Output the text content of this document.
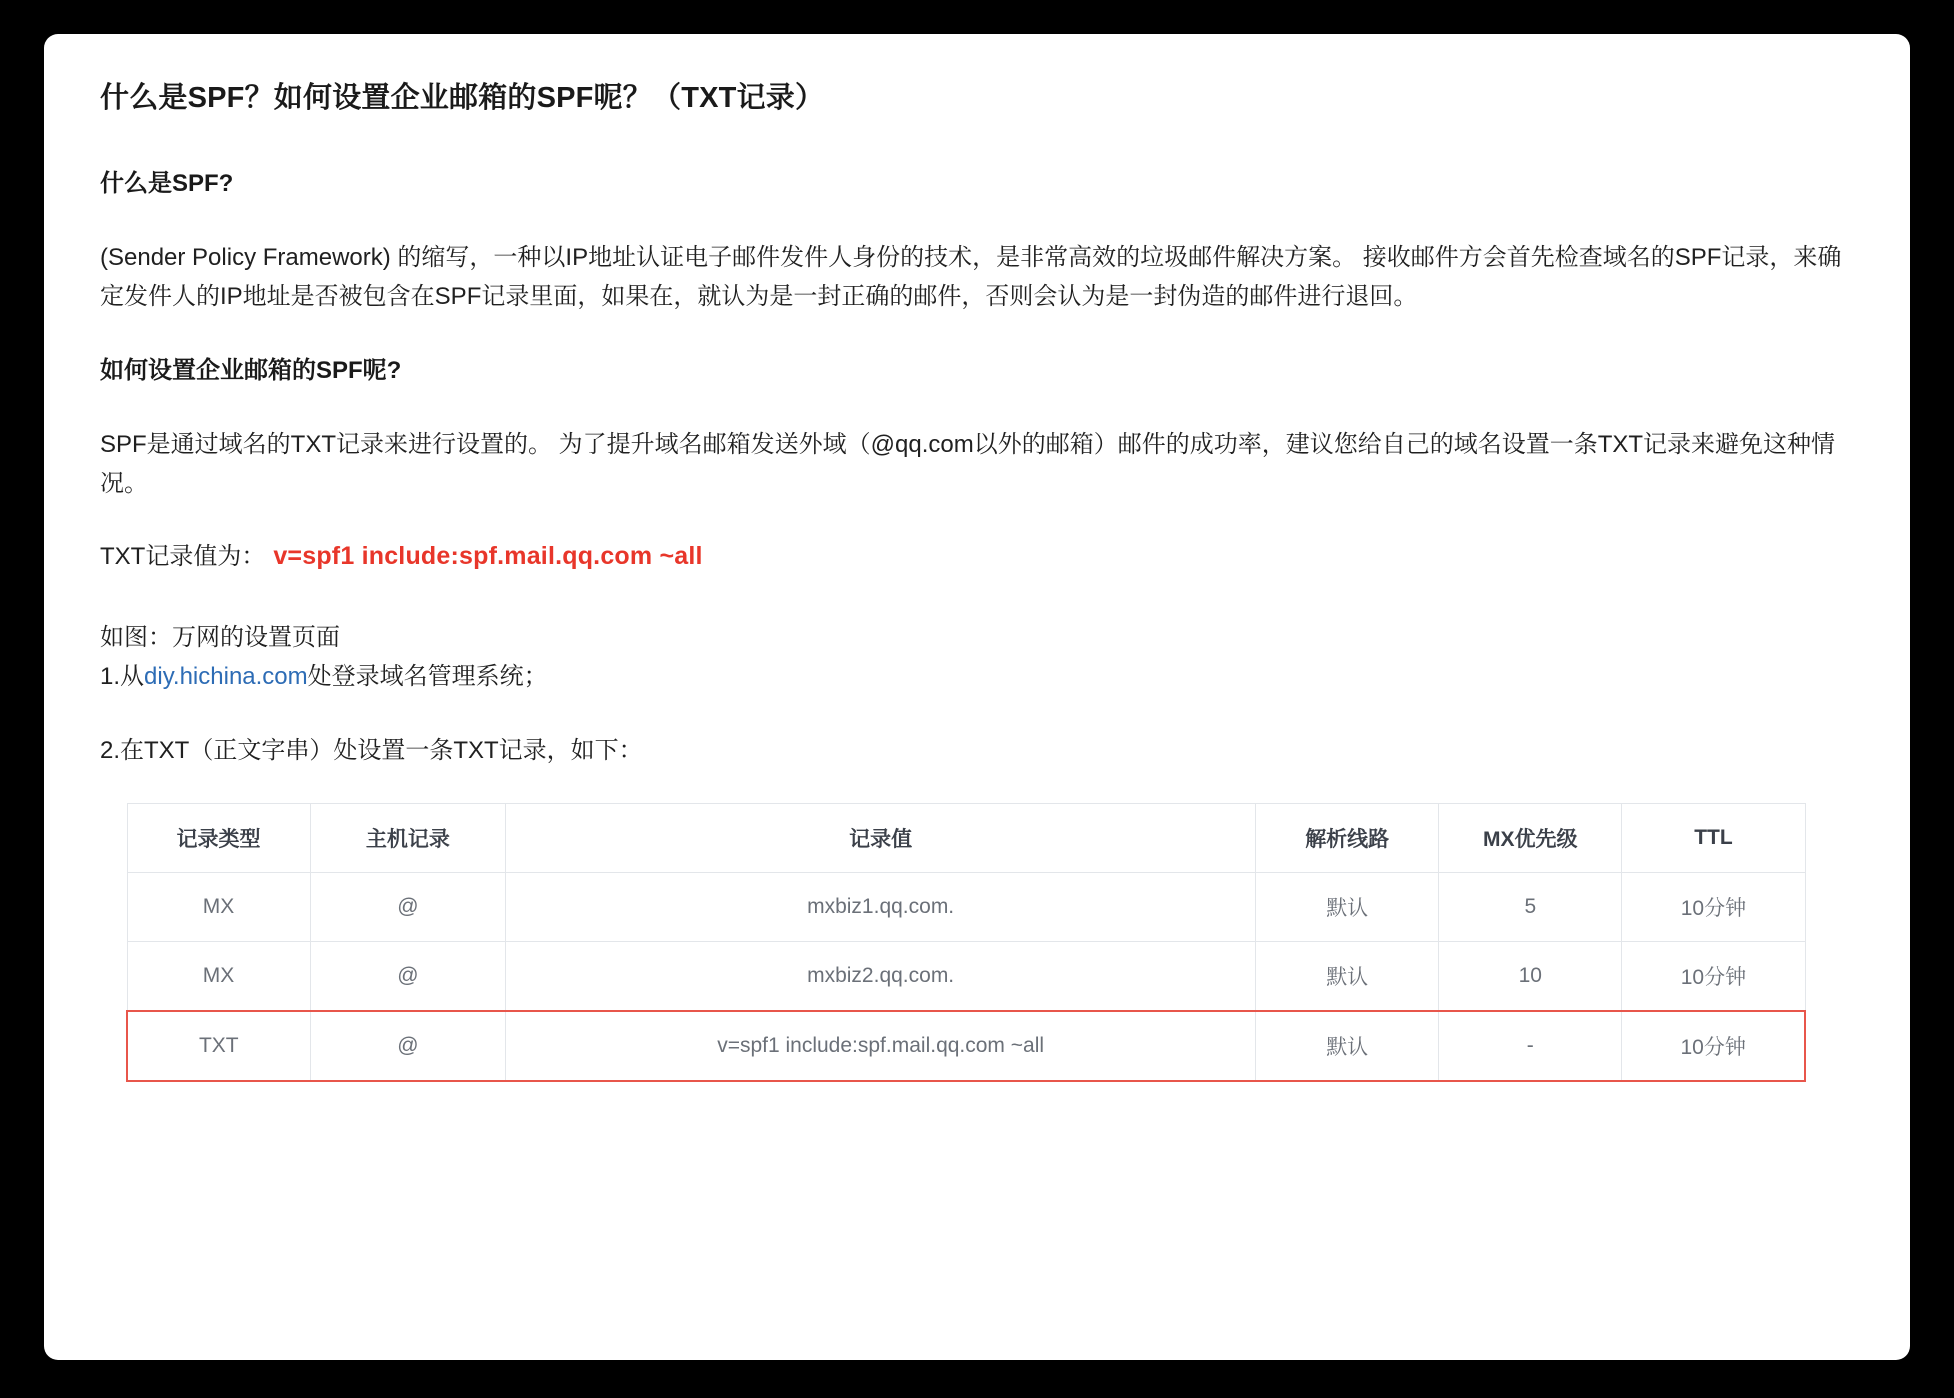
什么是SPF？如何设置企业邮箱的SPF呢？（TXT记录）
什么是SPF?

(Sender Policy Framework) 的缩写，一种以IP地址认证电子邮件发件人身份的技术，是非常高效的垃圾邮件解决方案。 接收邮件方会首先检查域名的SPF记录，来确定发件人的IP地址是否被包含在SPF记录里面，如果在，就认为是一封正确的邮件，否则会认为是一封伪造的邮件进行退回。

如何设置企业邮箱的SPF呢?

SPF是通过域名的TXT记录来进行设置的。 为了提升域名邮箱发送外域（@qq.com以外的邮箱）邮件的成功率，建议您给自己的域名设置一条TXT记录来避免这种情况。

TXT记录值为： v=spf1 include:spf.mail.qq.com ~all

如图：万网的设置页面
1.从diy.hichina.com处登录域名管理系统；

2.在TXT（正文字串）处设置一条TXT记录，如下：

记录类型	主机记录	记录值	解析线路	MX优先级	TTL
MX	@	mxbiz1.qq.com.	默认	5	10分钟
MX	@	mxbiz2.qq.com.	默认	10	10分钟
TXT	@	v=spf1 include:spf.mail.qq.com ~all	默认	-	10分钟
